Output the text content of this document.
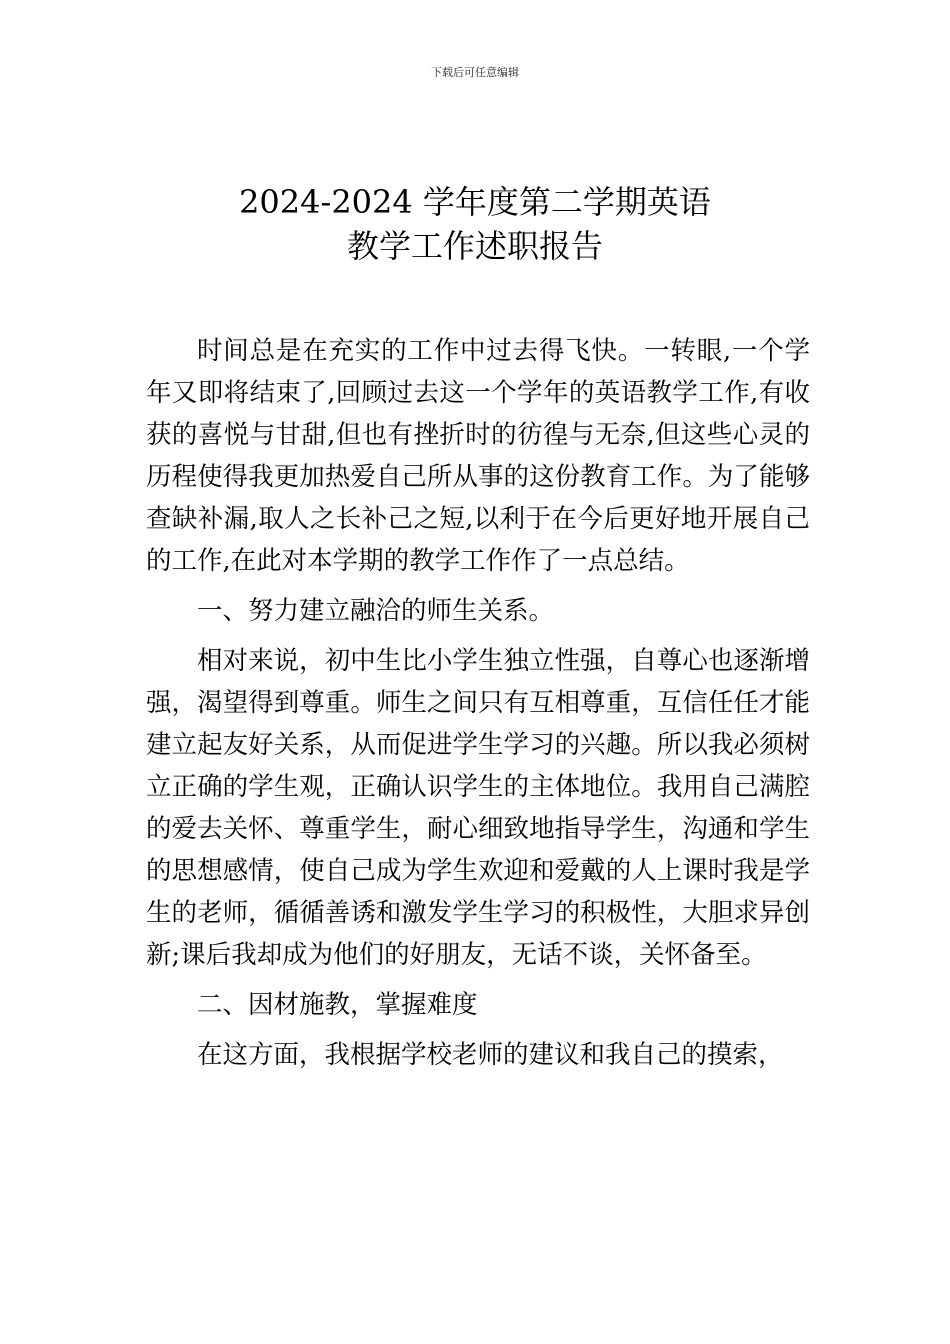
下载后可任意编辑
2024-2024 学年度第二学期英语
教学工作述职报告

时间总是在充实的工作中过去得飞快。一转眼,一个学年又即将结束了,回顾过去这一个学年的英语教学工作,有收获的喜悦与甘甜,但也有挫折时的彷徨与无奈,但这些心灵的历程使得我更加热爱自己所从事的这份教育工作。为了能够查缺补漏,取人之长补己之短,以利于在今后更好地开展自己的工作,在此对本学期的教学工作作了一点总结。

一、努力建立融洽的师生关系。

相对来说，初中生比小学生独立性强，自尊心也逐渐增强，渴望得到尊重。师生之间只有互相尊重，互信任任才能建立起友好关系，从而促进学生学习的兴趣。所以我必须树立正确的学生观，正确认识学生的主体地位。我用自己满腔的爱去关怀、尊重学生，耐心细致地指导学生，沟通和学生的思想感情，使自己成为学生欢迎和爱戴的人上课时我是学生的老师，循循善诱和激发学生学习的积极性，大胆求异创新;课后我却成为他们的好朋友，无话不谈，关怀备至。

二、因材施教，掌握难度

在这方面，我根据学校老师的建议和我自己的摸索，
